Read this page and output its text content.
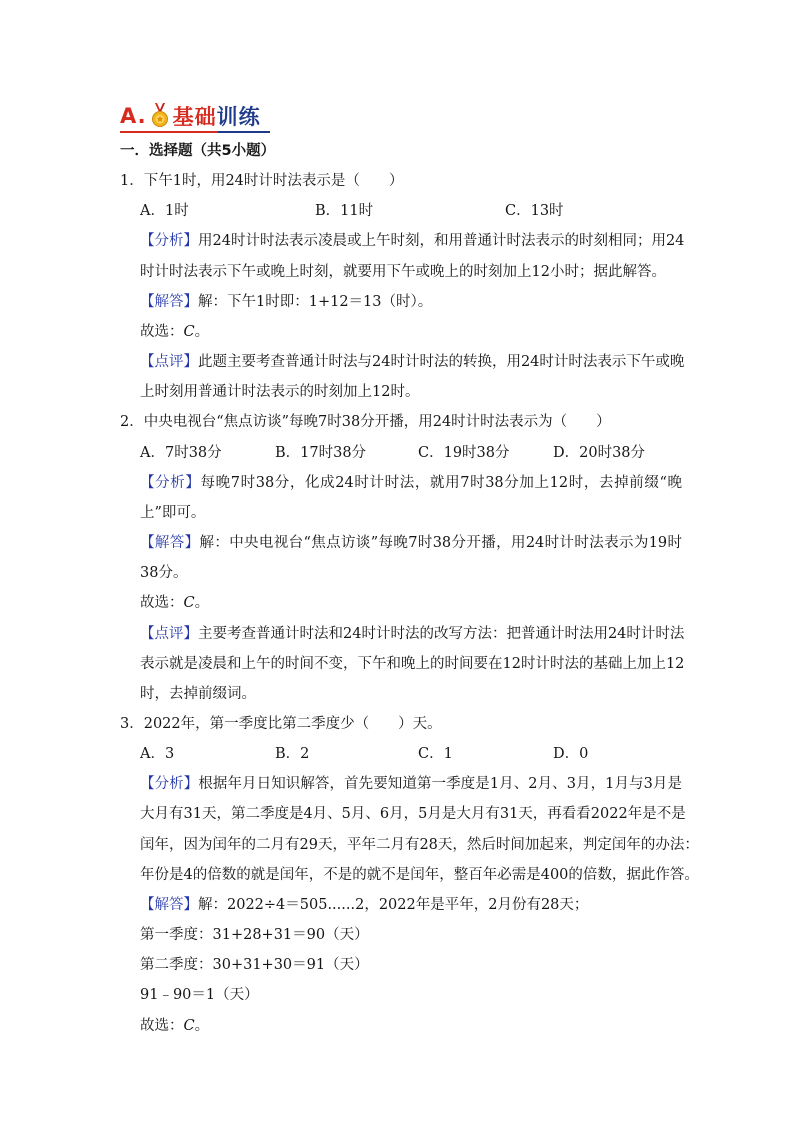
A. 基础 训练
一．选择题（共5小题）
1．下午1时，用24时计时法表示是（　　）
A．1时	B．11时	C．13时
【分析】用24时计时法表示凌晨或上午时刻，和用普通计时法表示的时刻相同；用24
时计时法表示下午或晚上时刻，就要用下午或晚上的时刻加上12小时；据此解答。
【解答】解：下午1时即：1+12＝13（时）。
故选：C。
【点评】此题主要考查普通计时法与24时计时法的转换，用24时计时法表示下午或晚
上时刻用普通计时法表示的时刻加上12时。
2．中央电视台“焦点访谈”每晚7时38分开播，用24时计时法表示为（　　）
A．7时38分	B．17时38分	C．19时38分	D．20时38分
【分析】每晚7时38分，化成24时计时法，就用7时38分加上12时，去掉前缀“晚
上”即可。
【解答】解：中央电视台“焦点访谈”每晚7时38分开播，用24时计时法表示为19时
38分。
故选：C。
【点评】主要考查普通计时法和24时计时法的改写方法：把普通计时法用24时计时法
表示就是凌晨和上午的时间不变，下午和晚上的时间要在12时计时法的基础上加上12
时，去掉前缀词。
3．2022年，第一季度比第二季度少（　　）天。
A．3	B．2	C．1	D．0
【分析】根据年月日知识解答，首先要知道第一季度是1月、2月、3月，1月与3月是
大月有31天，第二季度是4月、5月、6月，5月是大月有31天，再看看2022年是不是
闰年，因为闰年的二月有29天，平年二月有28天，然后时间加起来，判定闰年的办法：
年份是4的倍数的就是闰年，不是的就不是闰年，整百年必需是400的倍数，据此作答。
【解答】解：2022÷4＝505......2，2022年是平年，2月份有28天；
第一季度：31+28+31＝90（天）
第二季度：30+31+30＝91（天）
91﹣90＝1（天）
故选：C。
